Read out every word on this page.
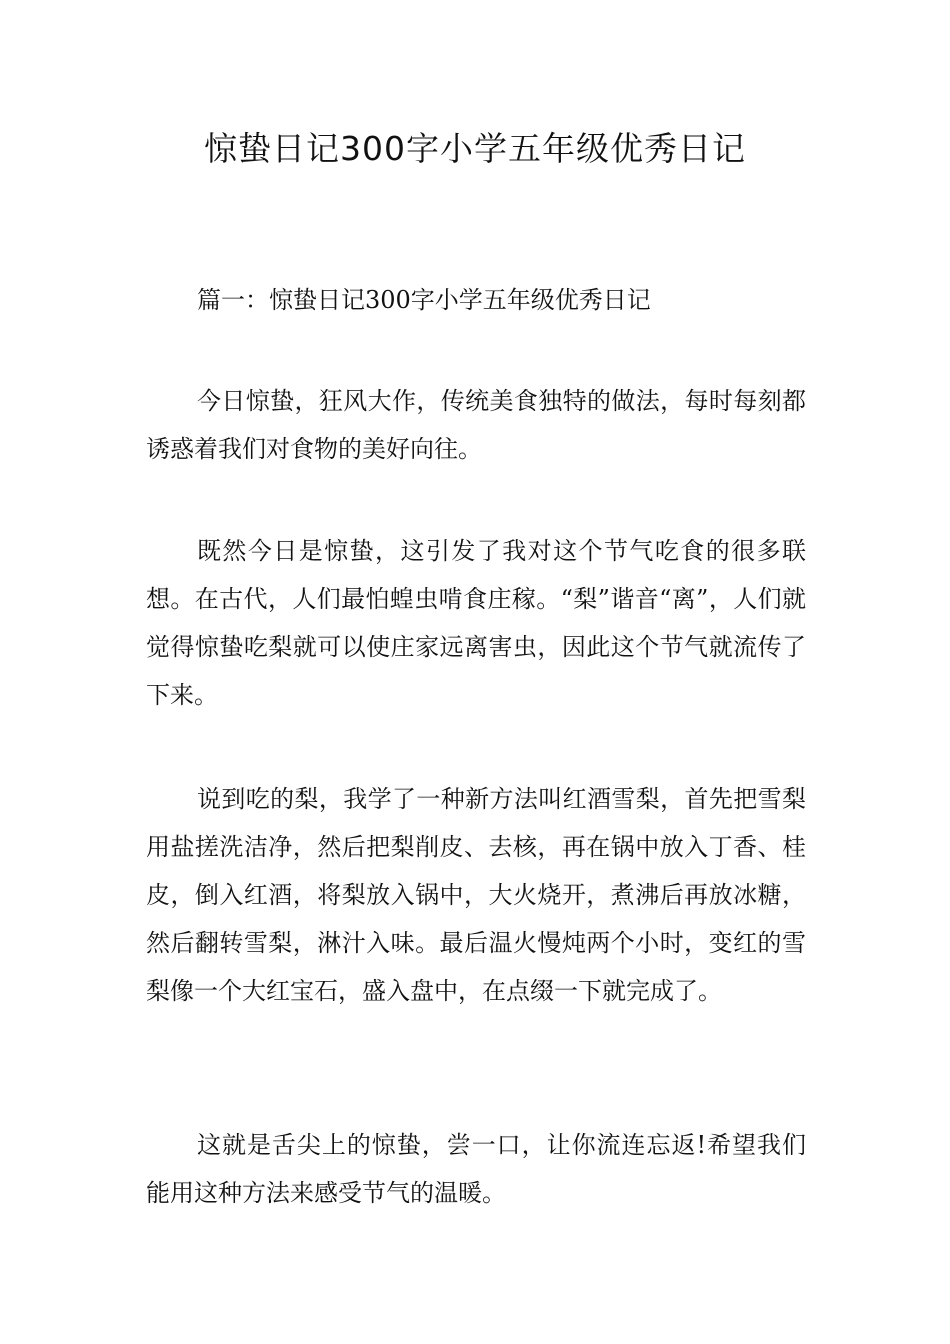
惊蛰日记300字小学五年级优秀日记

篇一：惊蛰日记300字小学五年级优秀日记

今日惊蛰，狂风大作，传统美食独特的做法，每时每刻都诱惑着我们对食物的美好向往。

既然今日是惊蛰，这引发了我对这个节气吃食的很多联想。在古代，人们最怕蝗虫啃食庄稼。“梨”谐音“离”，人们就觉得惊蛰吃梨就可以使庄家远离害虫，因此这个节气就流传了下来。

说到吃的梨，我学了一种新方法叫红酒雪梨，首先把雪梨用盐搓洗洁净，然后把梨削皮、去核，再在锅中放入丁香、桂皮，倒入红酒，将梨放入锅中，大火烧开，煮沸后再放冰糖，然后翻转雪梨，淋汁入味。最后温火慢炖两个小时，变红的雪梨像一个大红宝石，盛入盘中，在点缀一下就完成了。

这就是舌尖上的惊蛰，尝一口，让你流连忘返!希望我们能用这种方法来感受节气的温暖。
